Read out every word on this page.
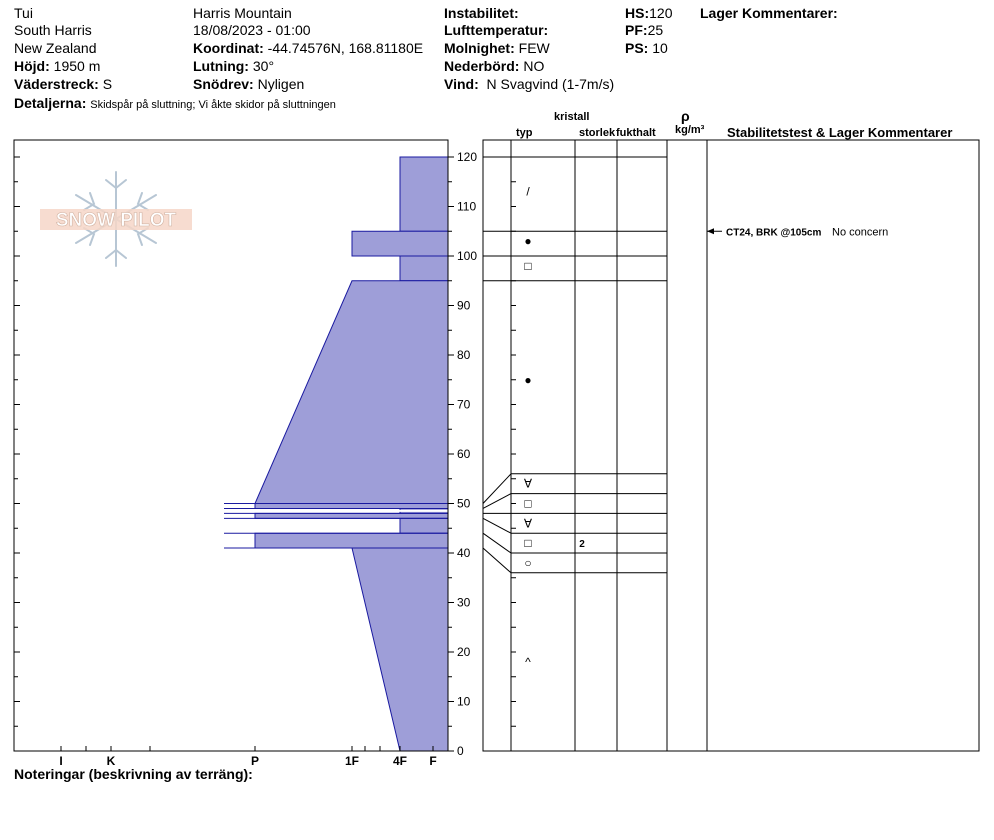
Tui
South Harris
New Zealand
Höjd: 1950 m
Väderstreck: S
Harris Mountain
18/08/2023 - 01:00
Koordinat: -44.74576N, 168.81180E
Lutning: 30°
Snödrev: Nyligen
Instabilitet:
Lufttemperatur:
Molnighet: FEW
Nederbörd: NO
Vind: N Svagvind (1-7m/s)
HS:120
PF:25
PS: 10
Lager Kommentarer:
Detaljerna: Skidspår på sluttning; Vi åkte skidor på sluttningen
kristall
typ	storlek fukthalt
ρ
kg/m³ Stabilitetstest & Lager Kommentarer
Noteringar (beskrivning av terräng):
SNOW PILOT
0
10
20
30
40
50
60
70
80
90
100
110
120
I	K	P	1F	4F F
/
●
□
●
∀
□
∀
□	2
○
^
CT24, BRK @105cm No concern
